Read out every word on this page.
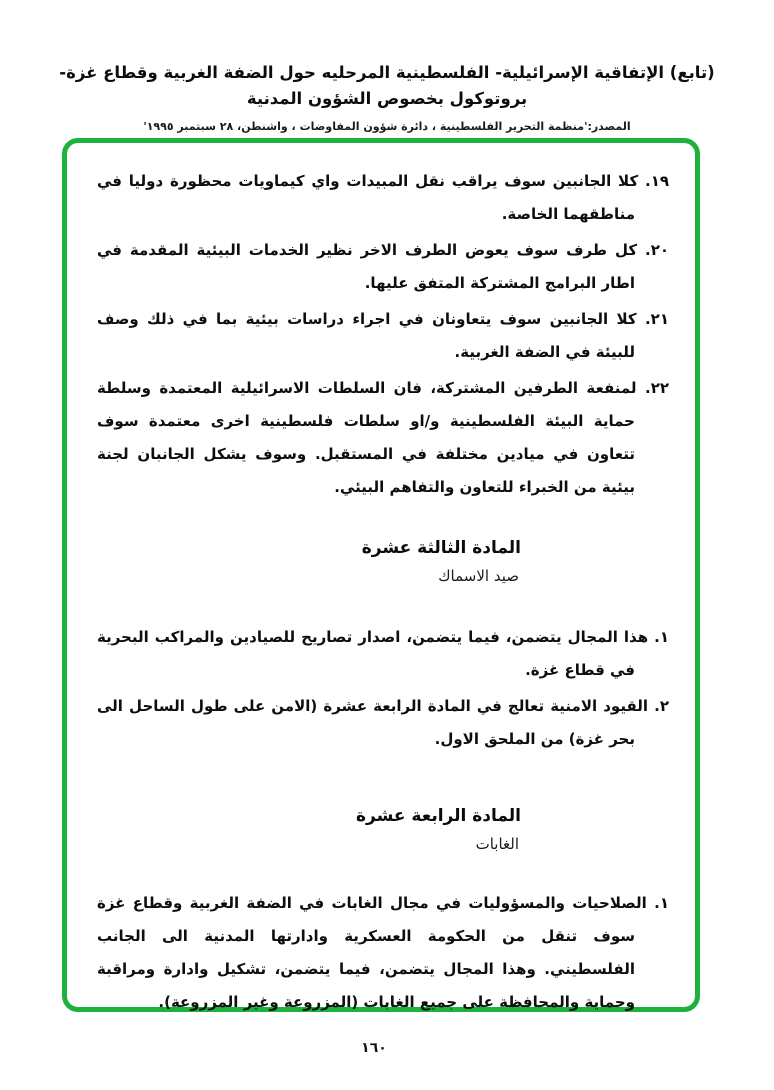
(تابع) الإتفاقية الإسرائيلية- الفلسطينية المرحليه حول الضفة الغربية وقطاع غزة- بروتوكول بخصوص الشؤون المدنية
المصدر:'منظمة التحرير الفلسطينية ، دائرة شؤون المفاوضات ، واشنطن، ٢٨ سبتمبر ١٩٩٥'

١٩. كلا الجانبين سوف يراقب نقل المبيدات واي كيماويات محظورة دوليا في مناطقهما الخاصة.

٢٠. كل طرف سوف يعوض الطرف الاخر نظير الخدمات البيئية المقدمة في اطار البرامج المشتركة المتفق عليها.

٢١. كلا الجانبين سوف يتعاونان في اجراء دراسات بيئية بما في ذلك وصف للبيئة في الضفة الغربية.

٢٢. لمنفعة الطرفين المشتركة، فان السلطات الاسرائيلية المعتمدة وسلطة حماية البيئة الفلسطينية و/او سلطات فلسطينية اخرى معتمدة سوف تتعاون في ميادين مختلفة في المستقبل. وسوف يشكل الجانبان لجنة بيئية من الخبراء للتعاون والتفاهم البيئي.

المادة الثالثة عشرة
صيد الاسماك

١. هذا المجال يتضمن، فيما يتضمن، اصدار تصاريح للصيادين والمراكب البحرية في قطاع غزة.

٢. القيود الامنية تعالج في المادة الرابعة عشرة (الامن على طول الساحل الى بحر غزة) من الملحق الاول.

المادة الرابعة عشرة
الغابات

١. الصلاحيات والمسؤوليات في مجال الغابات في الضفة الغربية وقطاع غزة سوف تنقل من الحكومة العسكرية وادارتها المدنية الى الجانب الفلسطيني. وهذا المجال يتضمن، فيما يتضمن، تشكيل وادارة ومراقبة وحماية والمحافظة على جميع الغابات (المزروعة وغير المزروعة).

١٦٠
